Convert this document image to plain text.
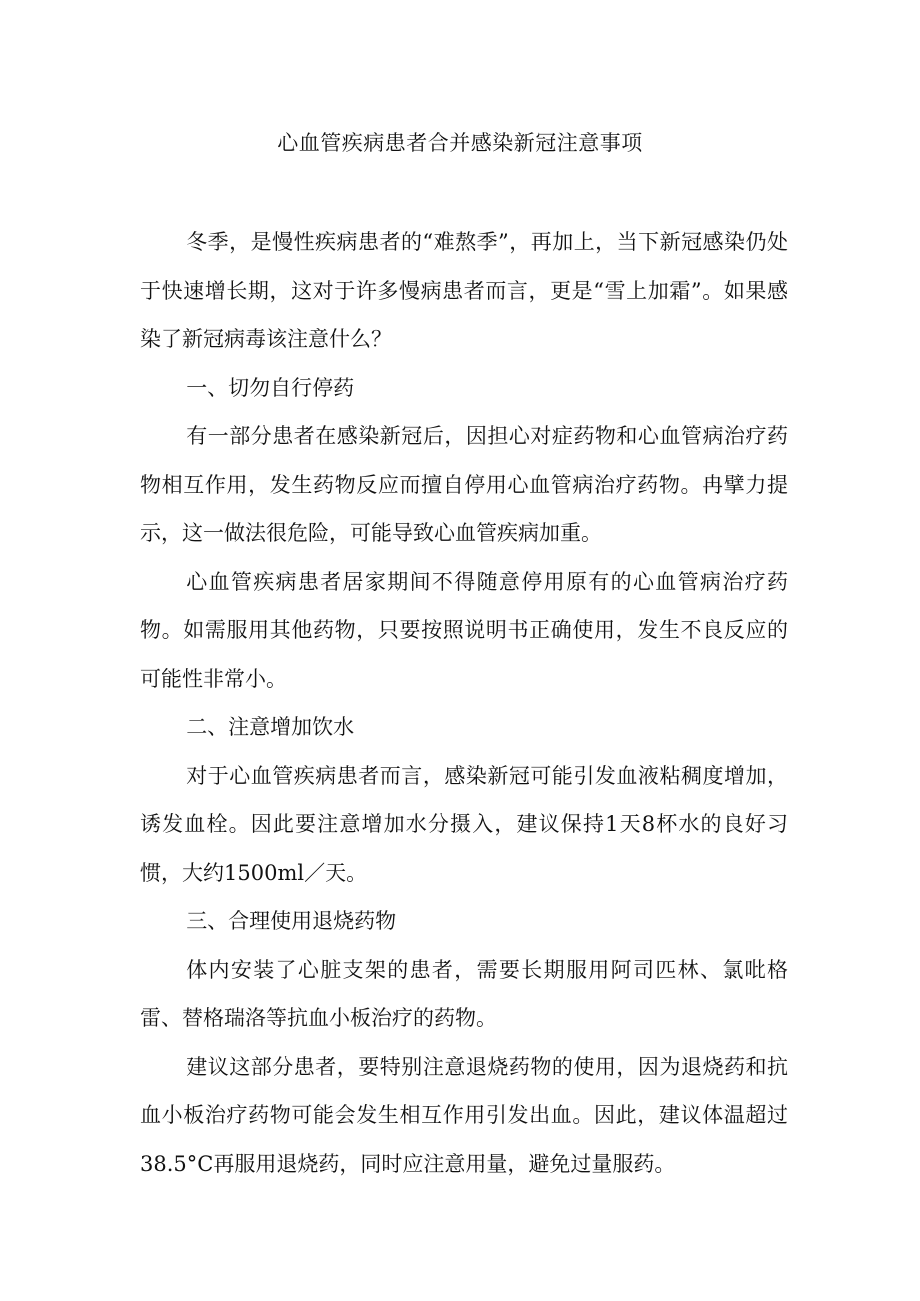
心血管疾病患者合并感染新冠注意事项

冬季，是慢性疾病患者的“难熬季”，再加上，当下新冠感染仍处于快速增长期，这对于许多慢病患者而言，更是“雪上加霜”。如果感染了新冠病毒该注意什么？

一、切勿自行停药

有一部分患者在感染新冠后，因担心对症药物和心血管病治疗药物相互作用，发生药物反应而擅自停用心血管病治疗药物。冉擘力提示，这一做法很危险，可能导致心血管疾病加重。

心血管疾病患者居家期间不得随意停用原有的心血管病治疗药物。如需服用其他药物，只要按照说明书正确使用，发生不良反应的可能性非常小。

二、注意增加饮水

对于心血管疾病患者而言，感染新冠可能引发血液粘稠度增加，诱发血栓。因此要注意增加水分摄入，建议保持1天8杯水的良好习惯，大约1500ml／天。

三、合理使用退烧药物

体内安装了心脏支架的患者，需要长期服用阿司匹林、氯吡格雷、替格瑞洛等抗血小板治疗的药物。

建议这部分患者，要特别注意退烧药物的使用，因为退烧药和抗血小板治疗药物可能会发生相互作用引发出血。因此，建议体温超过38.5°C再服用退烧药，同时应注意用量，避免过量服药。
